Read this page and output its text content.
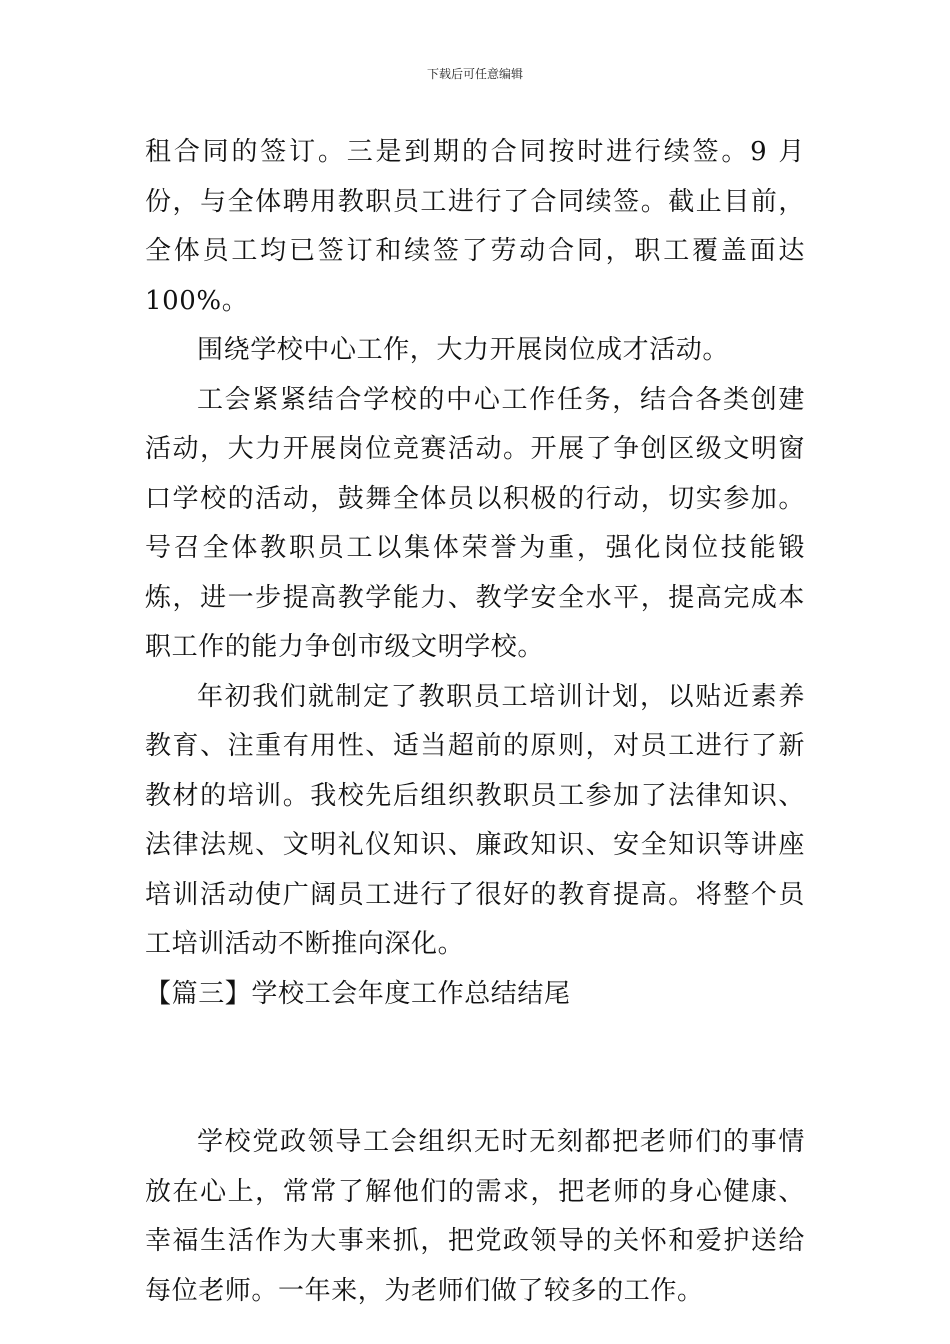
下载后可任意编辑

租合同的签订。三是到期的合同按时进行续签。9 月份，与全体聘用教职员工进行了合同续签。截止目前，全体员工均已签订和续签了劳动合同，职工覆盖面达 100%。

围绕学校中心工作，大力开展岗位成才活动。

工会紧紧结合学校的中心工作任务，结合各类创建活动，大力开展岗位竞赛活动。开展了争创区级文明窗口学校的活动，鼓舞全体员以积极的行动，切实参加。号召全体教职员工以集体荣誉为重，强化岗位技能锻炼，进一步提高教学能力、教学安全水平，提高完成本职工作的能力争创市级文明学校。

年初我们就制定了教职员工培训计划，以贴近素养教育、注重有用性、适当超前的原则，对员工进行了新教材的培训。我校先后组织教职员工参加了法律知识、法律法规、文明礼仪知识、廉政知识、安全知识等讲座培训活动使广阔员工进行了很好的教育提高。将整个员工培训活动不断推向深化。

【篇三】学校工会年度工作总结结尾

学校党政领导工会组织无时无刻都把老师们的事情放在心上，常常了解他们的需求，把老师的身心健康、幸福生活作为大事来抓，把党政领导的关怀和爱护送给每位老师。一年来，为老师们做了较多的工作。
